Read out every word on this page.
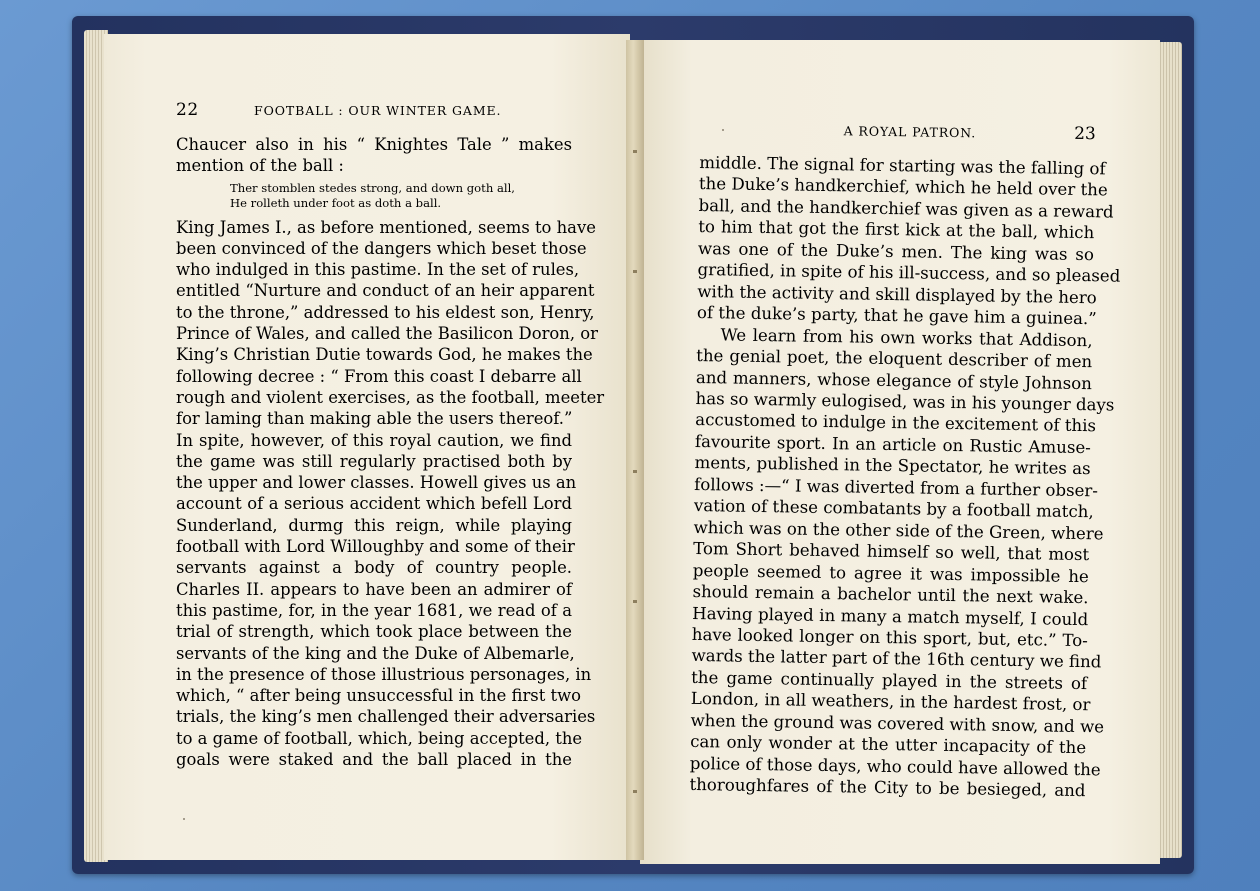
22	FOOTBALL : OUR WINTER GAME.

Chaucer also in his “ Knightes Tale ” makes
mention of the ball :

Ther stomblen stedes strong, and down goth all,
He rolleth under foot as doth a ball.

King James I., as before mentioned, seems to have
been convinced of the dangers which beset those
who indulged in this pastime. In the set of rules,
entitled “Nurture and conduct of an heir apparent
to the throne,” addressed to his eldest son, Henry,
Prince of Wales, and called the Basilicon Doron, or
King’s Christian Dutie towards God, he makes the
following decree : “ From this coast I debarre all
rough and violent exercises, as the football, meeter
for laming than making able the users thereof.”
In spite, however, of this royal caution, we find
the game was still regularly practised both by
the upper and lower classes. Howell gives us an
account of a serious accident which befell Lord
Sunderland, durmg this reign, while playing
football with Lord Willoughby and some of their
servants against a body of country people.
Charles II. appears to have been an admirer of
this pastime, for, in the year 1681, we read of a
trial of strength, which took place between the
servants of the king and the Duke of Albemarle,
in the presence of those illustrious personages, in
which, “ after being unsuccessful in the first two
trials, the king’s men challenged their adversaries
to a game of football, which, being accepted, the
goals were staked and the ball placed in the

A ROYAL PATRON.	23

middle. The signal for starting was the falling of
the Duke’s handkerchief, which he held over the
ball, and the handkerchief was given as a reward
to him that got the first kick at the ball, which
was one of the Duke’s men. The king was so
gratified, in spite of his ill-success, and so pleased
with the activity and skill displayed by the hero
of the duke’s party, that he gave him a guinea.”
We learn from his own works that Addison,
the genial poet, the eloquent describer of men
and manners, whose elegance of style Johnson
has so warmly eulogised, was in his younger days
accustomed to indulge in the excitement of this
favourite sport. In an article on Rustic Amuse-
ments, published in the Spectator, he writes as
follows :—“ I was diverted from a further obser-
vation of these combatants by a football match,
which was on the other side of the Green, where
Tom Short behaved himself so well, that most
people seemed to agree it was impossible he
should remain a bachelor until the next wake.
Having played in many a match myself, I could
have looked longer on this sport, but, etc.” To-
wards the latter part of the 16th century we find
the game continually played in the streets of
London, in all weathers, in the hardest frost, or
when the ground was covered with snow, and we
can only wonder at the utter incapacity of the
police of those days, who could have allowed the
thoroughfares of the City to be besieged, and
